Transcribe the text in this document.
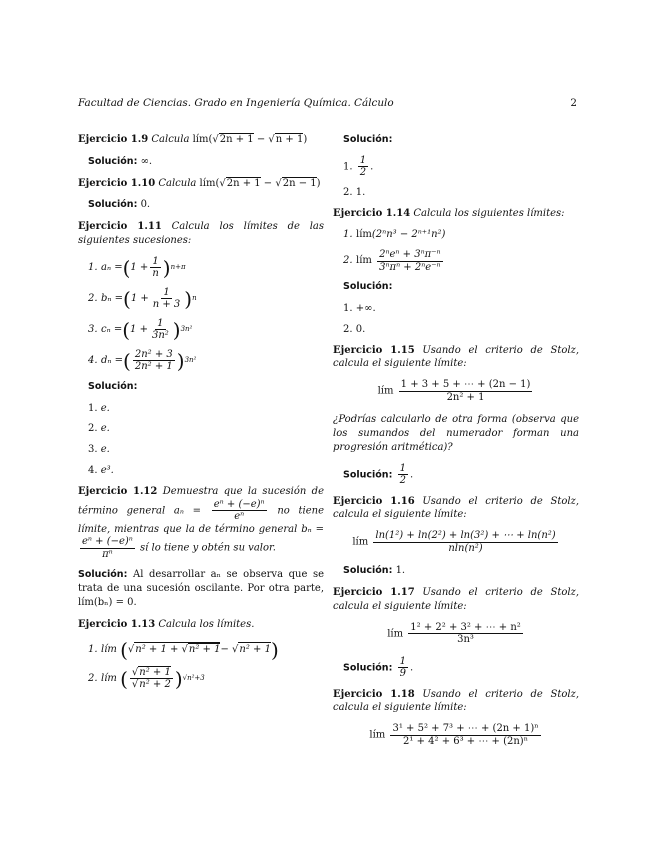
Facultad de Ciencias. Grado en Ingeniería Química. Cálculo	2
Ejercicio 1.9 Calcula lím(√2n + 1 − √n + 1)
Solución: ∞.
Ejercicio 1.10 Calcula lím(√2n + 1 − √2n − 1)
Solución: 0.
Ejercicio 1.11 Calcula los límites de las siguientes sucesiones:
1. aₙ = ( $1 + \frac{1}{n}$ ) n+π
2. bₙ = ( $1 + \frac{1}{n + 3}$ ) n
3. cₙ = ( $1 + \frac{1}{\text{3n²}}$ ) 3n²
4. dₙ = ( $\frac{\text{2n² + 3}}{\text{2n² + 1}}$ ) 3n²
Solución:
1. e.
2. e.
3. e.
4. e³.
Ejercicio 1.12 Demuestra que la sucesión de término general $a_n = \frac{\text{eⁿ + (−e)ⁿ}}{\text{eⁿ}}$ no tiene límite, mientras que la de término general bₙ =
$\frac{\text{eⁿ + (−e)ⁿ}}{\text{πⁿ}}$ sí lo tiene y obtén su valor.
Solución: Al desarrollar aₙ se observa que se trata de una sucesión oscilante. Por otra parte, lím(bₙ) = 0.
Ejercicio 1.13 Calcula los límites.
1. lím
( √ n² + 1 + √n² + 1 − √ n² + 1 )
2. lím
( $\frac{\text{√n² + 1}}{\text{√n² + 2}}$ ) √n²+3
Solución:
1. $\frac{1}{2}$ .
2. 1.
Ejercicio 1.14 Calcula los siguientes límites:
1. lím (2ⁿn³ − 2ⁿ⁺¹n²)
2. lím
$\frac{\text{2ⁿeⁿ + 3ⁿπ⁻ⁿ}}{\text{3ⁿπⁿ + 2ⁿe⁻ⁿ}}$
Solución:
1. +∞.
2. 0.
Ejercicio 1.15 Usando el criterio de Stolz, calcula el siguiente límite:
lím $\frac{1 + 3 + 5 + \cdots + (2n - 1)}{\text{2n² + 1}}$
¿Podrías calcularlo de otra forma (observa que los sumandos del numerador forman una progresión aritmética)?
Solución: $\frac{1}{2}$ .
Ejercicio 1.16 Usando el criterio de Stolz, calcula el siguiente límite:
lím $\frac{\text{ln(1²) + ln(2²) + ln(3²) + ⋯ + ln(n²)}}{\text{nln(n²)}}$
Solución: 1.
Ejercicio 1.17 Usando el criterio de Stolz, calcula el siguiente límite:
lím $\frac{\text{1² + 2² + 3² + ⋯ + n²}}{\text{3n³}}$
Solución: $\frac{1}{9}$ .
Ejercicio 1.18 Usando el criterio de Stolz, calcula el siguiente límite:
lím $\frac{\text{3¹ + 5² + 7³ + ⋯ + (2n + 1)ⁿ}}{\text{2¹ + 4² + 6³ + ⋯ + (2n)ⁿ}}$
